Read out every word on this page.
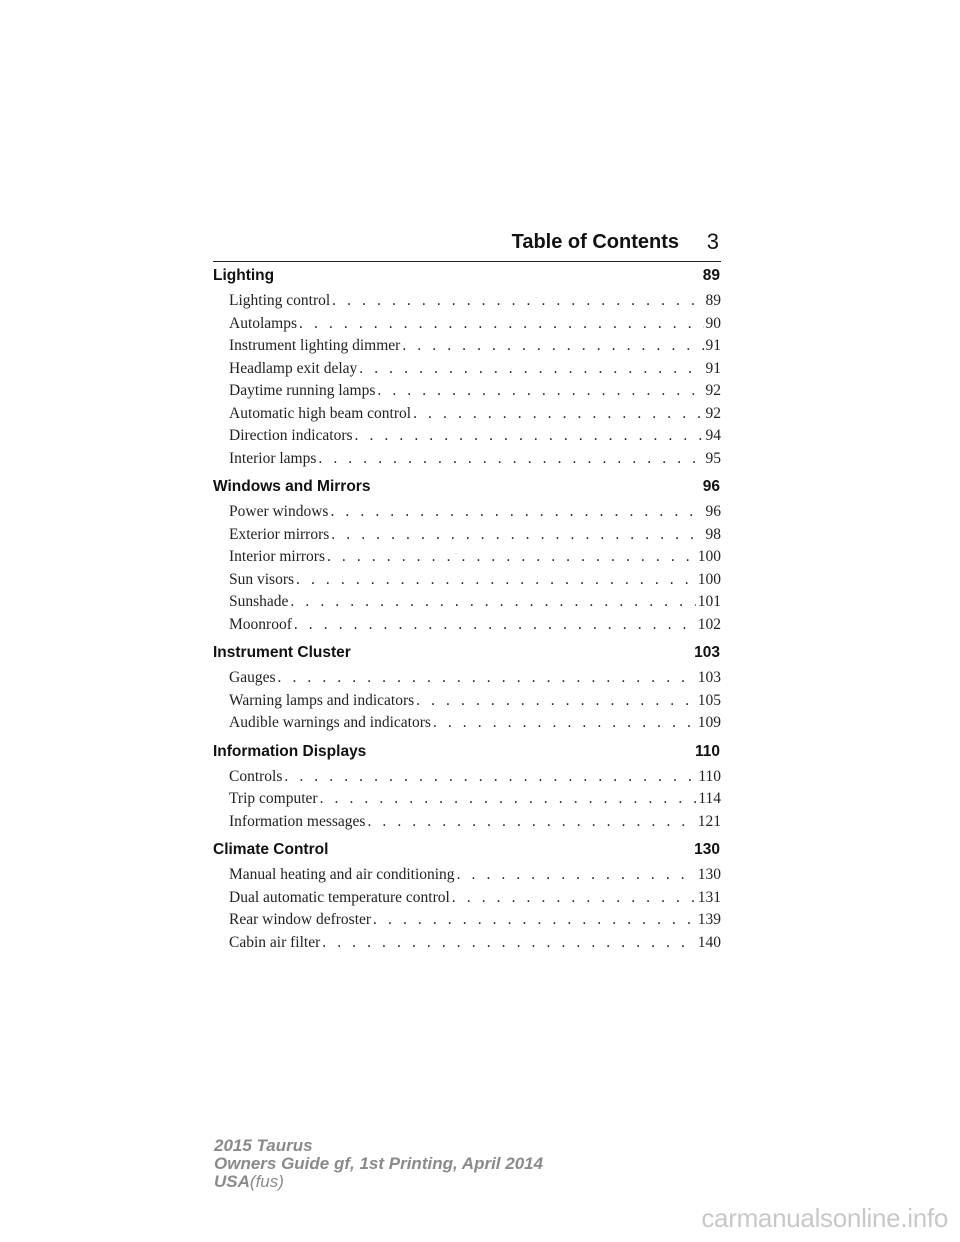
Table of Contents 3
Lighting	89
Lighting control . . .	89
Autolamps . . .	90
Instrument lighting dimmer . . .	91
Headlamp exit delay . . .	91
Daytime running lamps . . .	92
Automatic high beam control . . .	92
Direction indicators . . .	94
Interior lamps . . .	95
Windows and Mirrors	96
Power windows . . .	96
Exterior mirrors . . .	98
Interior mirrors . . .	100
Sun visors . . .	100
Sunshade . . .	101
Moonroof . . .	102
Instrument Cluster	103
Gauges . . .	103
Warning lamps and indicators . . .	105
Audible warnings and indicators . . .	109
Information Displays	110
Controls . . .	110
Trip computer . . .	114
Information messages . . .	121
Climate Control	130
Manual heating and air conditioning . . .	130
Dual automatic temperature control . . .	131
Rear window defroster . . .	139
Cabin air filter . . .	140
2015 Taurus
Owners Guide gf, 1st Printing, April 2014
USA(fus)
carmanualsonline.info
